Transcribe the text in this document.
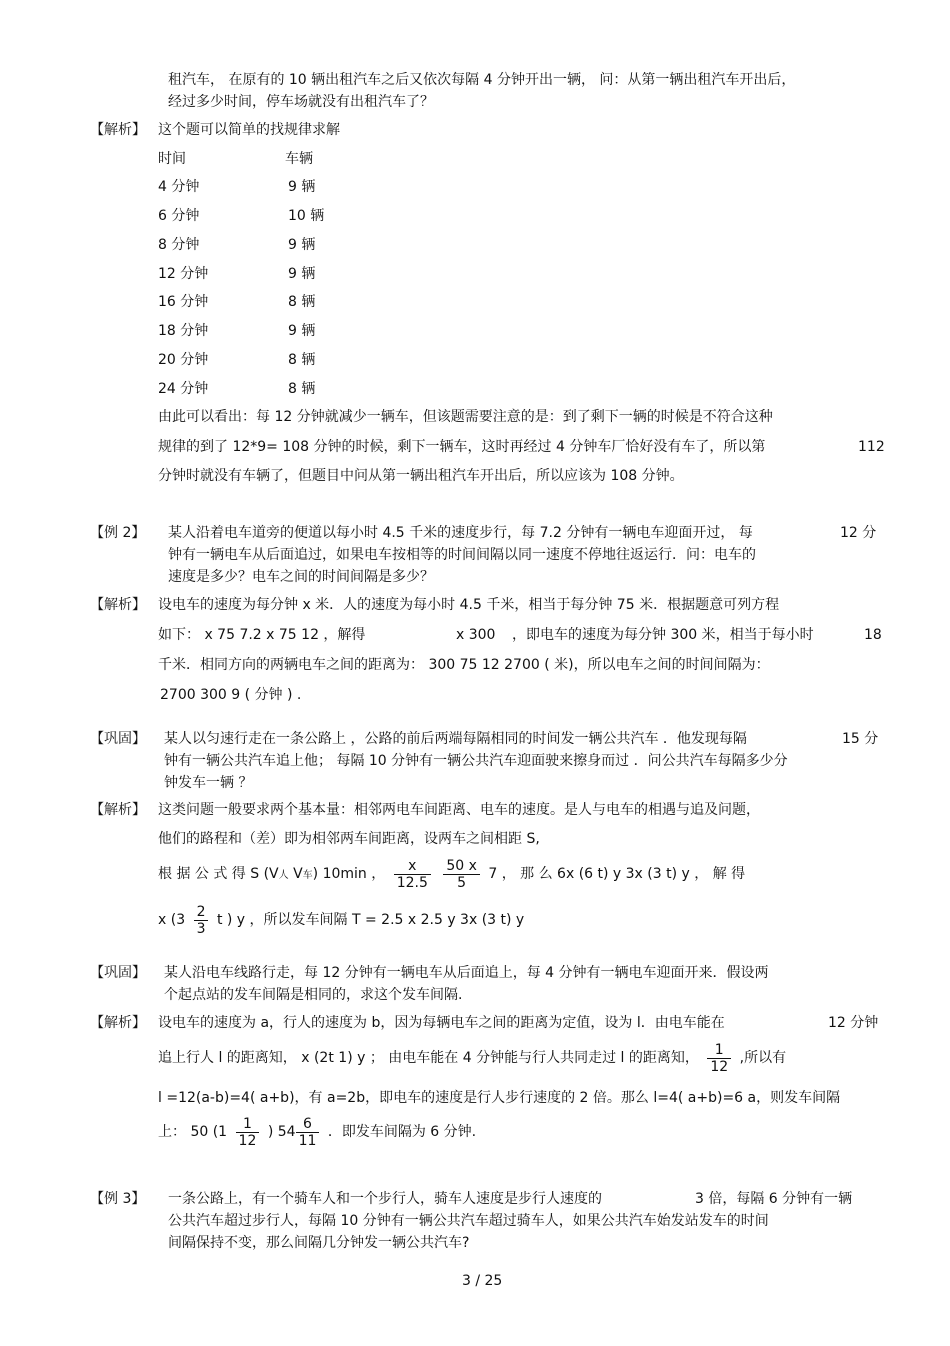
租汽车， 在原有的 10 辆出租汽车之后又依次每隔 4 分钟开出一辆， 问：从第一辆出租汽车开出后，
经过多少时间，停车场就没有出租汽车了？
【解析】 这个题可以简单的找规律求解
时间	车辆
4 分钟	9 辆
6 分钟	10 辆
8 分钟	9 辆
12 分钟	9 辆
16 分钟	8 辆
18 分钟	9 辆
20 分钟	8 辆
24 分钟	8 辆
由此可以看出：每 12 分钟就减少一辆车，但该题需要注意的是：到了剩下一辆的时候是不符合这种
规律的到了 12*9= 108 分钟的时候，剩下一辆车，这时再经过 4 分钟车厂恰好没有车了，所以第	112
分钟时就没有车辆了，但题目中问从第一辆出租汽车开出后，所以应该为 108 分钟。
【例 2】 某人沿着电车道旁的便道以每小时 4.5 千米的速度步行，每 7.2 分钟有一辆电车迎面开过， 每	12 分
钟有一辆电车从后面追过，如果电车按相等的时间间隔以同一速度不停地往返运行．问：电车的
速度是多少？电车之间的时间间隔是多少？
【解析】 设电车的速度为每分钟 x 米．人的速度为每小时 4.5 千米，相当于每分钟 75 米．根据题意可列方程
如下： x 75 7.2 x 75 12 ，解得	x 300 ，即电车的速度为每分钟 300 米，相当于每小时	18
千米．相同方向的两辆电车之间的距离为： 300 75 12 2700 ( 米)，所以电车之间的时间间隔为：
2700 300 9 ( 分钟 ) .
【巩固】 某人以匀速行走在一条公路上 ，公路的前后两端每隔相同的时间发一辆公共汽车 ．他发现每隔	15 分
钟有一辆公共汽车追上他； 每隔 10 分钟有一辆公共汽车迎面驶来擦身而过 ．问公共汽车每隔多少分
钟发车一辆 ？
【解析】 这类问题一般要求两个基本量：相邻两电车间距离、电车的速度。是人与电车的相遇与追及问题，
他们的路程和（差）即为相邻两车间距离，设两车之间相距 S,
根 据 公 式 得 S (V人 V车) 10min ， $\frac{x}{12.5}$
$\frac{50 x}{5} 7$ ， 那 么 6x (6 t) y 3x (3 t) y ， 解 得
x ($3 \frac{2}{3}$ t ) y ，所以发车间隔 T = 2.5 x 2.5 y 3x (3 t) y
【巩固】 某人沿电车线路行走，每 12 分钟有一辆电车从后面追上，每 4 分钟有一辆电车迎面开来．假设两
个起点站的发车间隔是相同的，求这个发车间隔.
【解析】 设电车的速度为 a，行人的速度为 b，因为每辆电车之间的距离为定值，设为 l．由电车能在	12 分钟
追上行人 l 的距离知， x (2t 1) y ； 由电车能在 4 分钟能与行人共同走过 l 的距离知， $\frac{1}{12}$ ,所以有
l =12(a-b)=4( a+b)，有 a=2b，即电车的速度是行人步行速度的 2 倍。那么 l=4( a+b)=6 a，则发车间隔
上： 50 ($1 \frac{1}{12}$ ) $54 \frac{6}{11}$ ．即发车间隔为 6 分钟.
【例 3】 一条公路上，有一个骑车人和一个步行人，骑车人速度是步行人速度的	3 倍，每隔 6 分钟有一辆
公共汽车超过步行人，每隔 10 分钟有一辆公共汽车超过骑车人，如果公共汽车始发站发车的时间
间隔保持不变，那么间隔几分钟发一辆公共汽车?
3 / 25
